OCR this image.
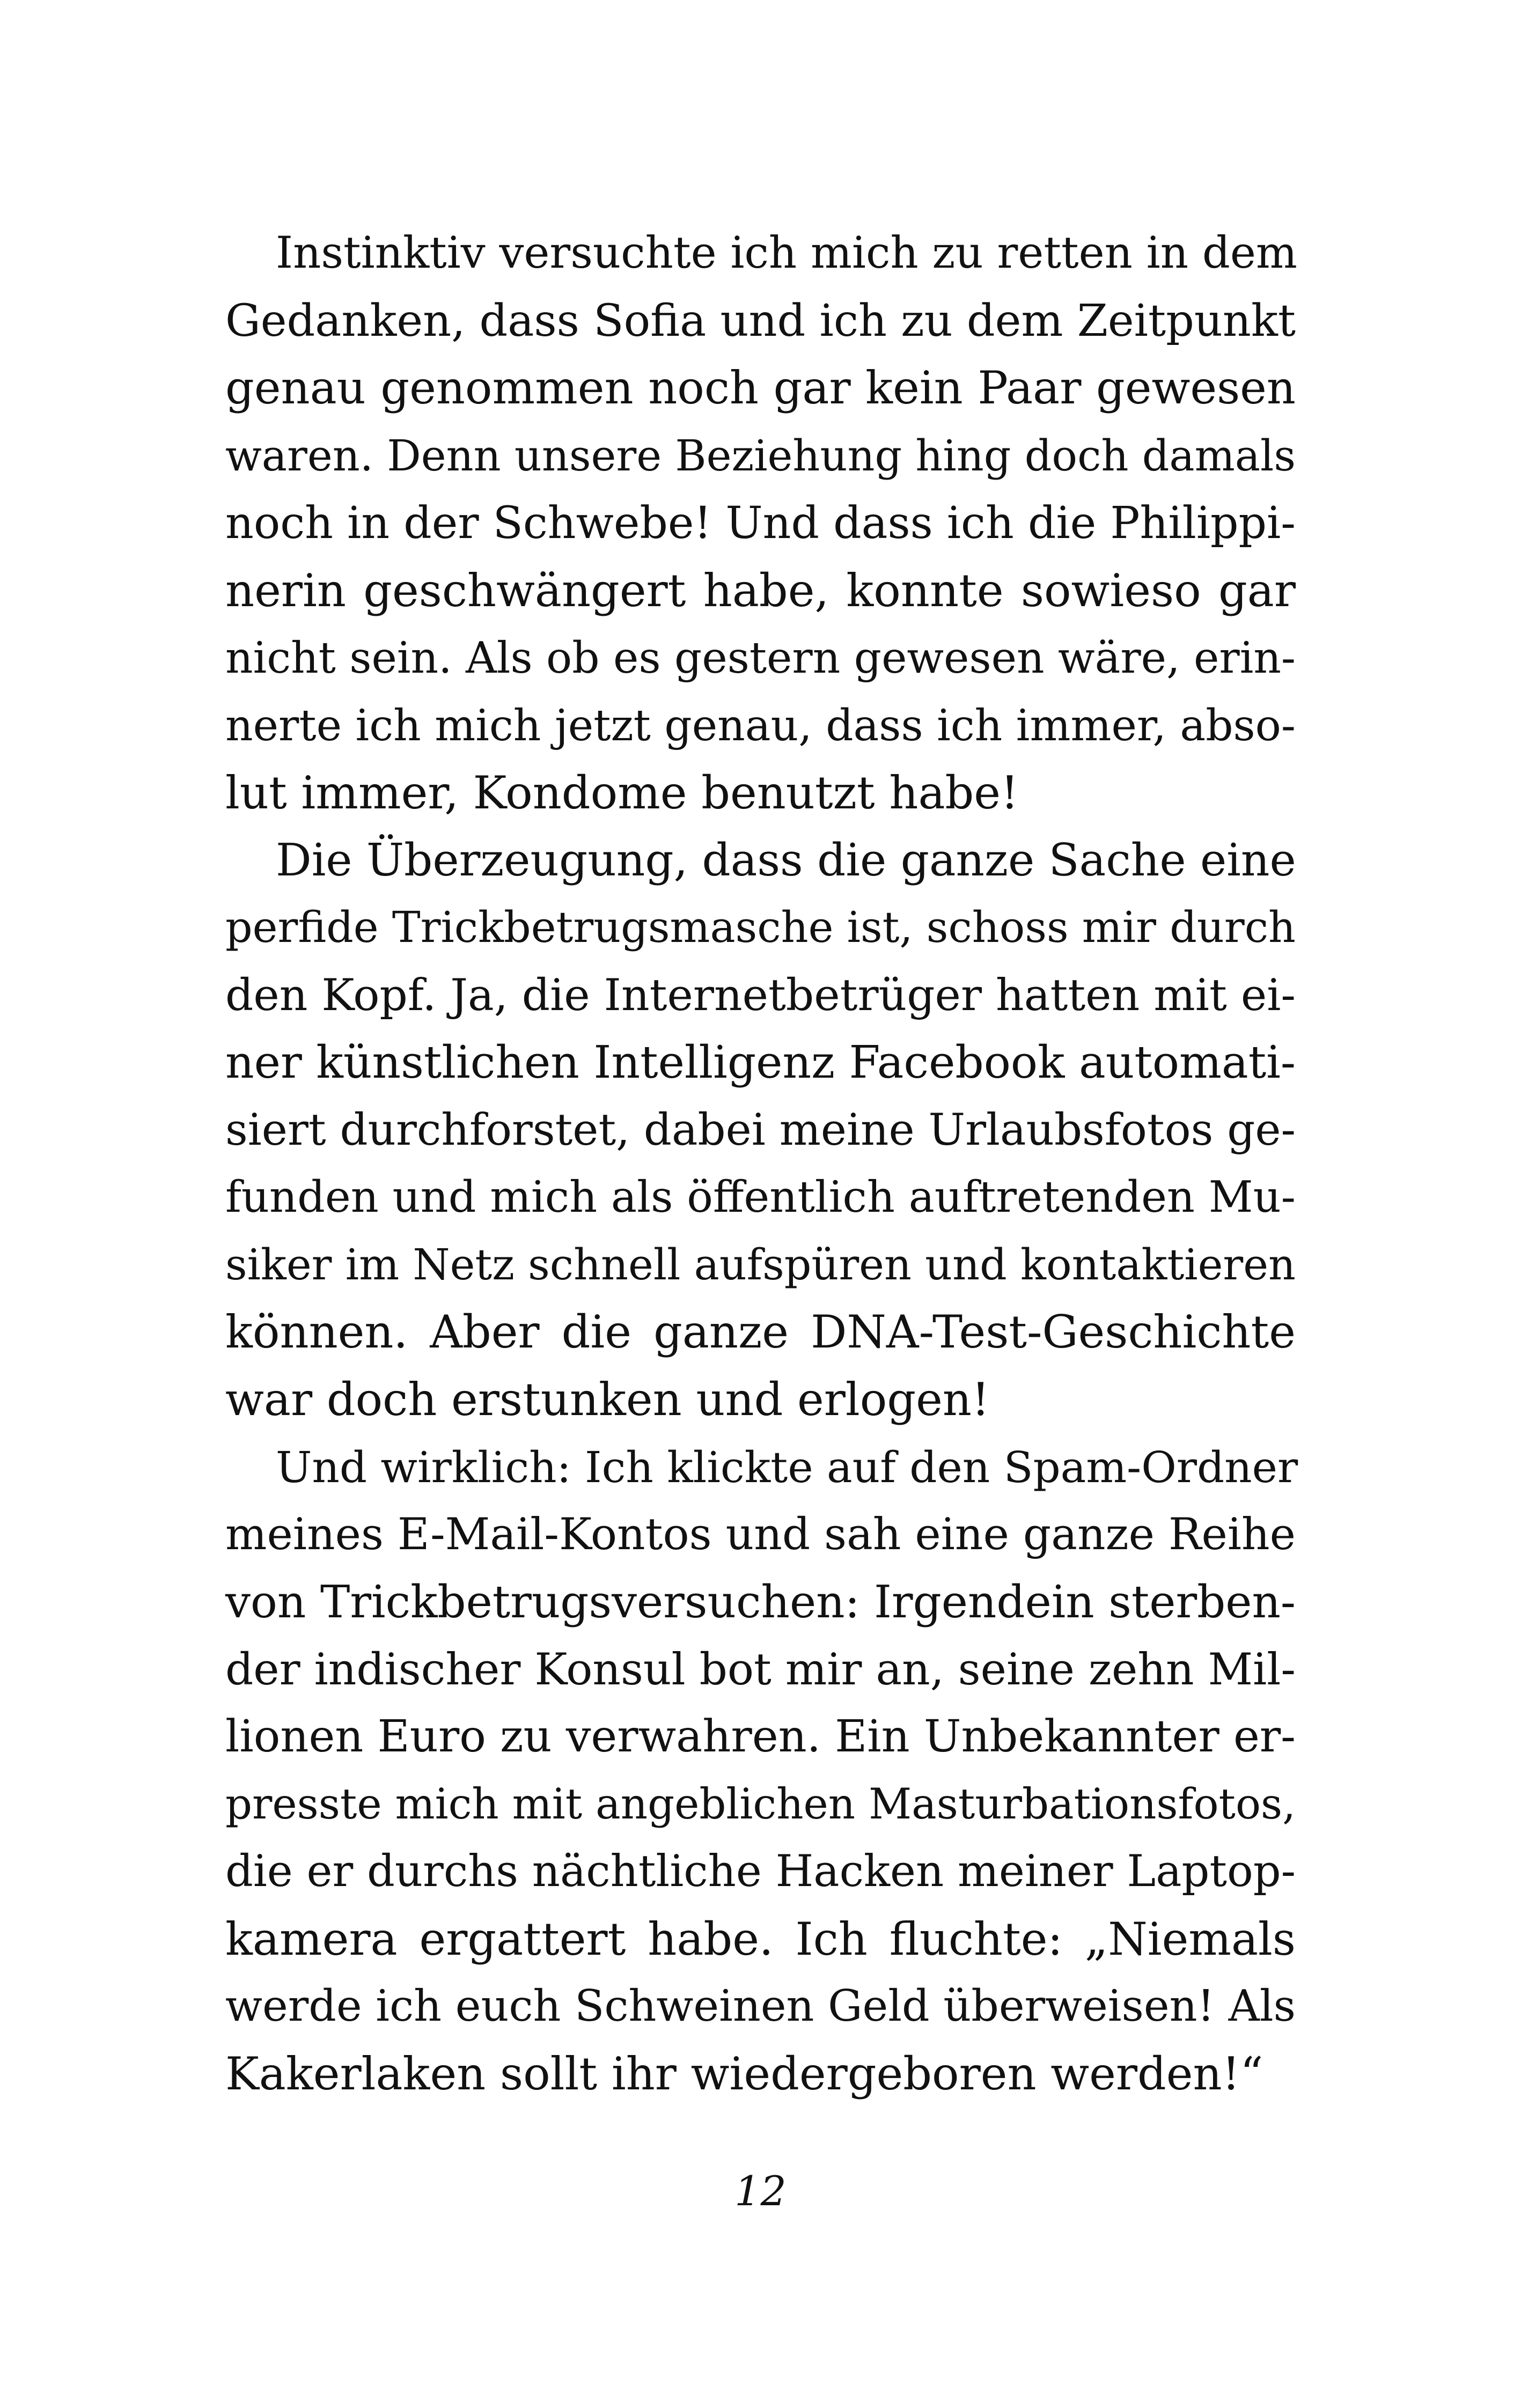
Instinktiv versuchte ich mich zu retten in dem
Gedanken, dass Sofia und ich zu dem Zeitpunkt
genau genommen noch gar kein Paar gewesen
waren. Denn unsere Beziehung hing doch damals
noch in der Schwebe! Und dass ich die Philippi-
nerin geschwängert habe, konnte sowieso gar
nicht sein. Als ob es gestern gewesen wäre, erin-
nerte ich mich jetzt genau, dass ich immer, abso-
lut immer, Kondome benutzt habe!
Die Überzeugung, dass die ganze Sache eine
perfide Trickbetrugsmasche ist, schoss mir durch
den Kopf. Ja, die Internetbetrüger hatten mit ei-
ner künstlichen Intelligenz Facebook automati-
siert durchforstet, dabei meine Urlaubsfotos ge-
funden und mich als öffentlich auftretenden Mu-
siker im Netz schnell aufspüren und kontaktieren
können. Aber die ganze DNA-Test-Geschichte
war doch erstunken und erlogen!
Und wirklich: Ich klickte auf den Spam-Ordner
meines E-Mail-Kontos und sah eine ganze Reihe
von Trickbetrugsversuchen: Irgendein sterben-
der indischer Konsul bot mir an, seine zehn Mil-
lionen Euro zu verwahren. Ein Unbekannter er-
presste mich mit angeblichen Masturbationsfotos,
die er durchs nächtliche Hacken meiner Laptop-
kamera ergattert habe. Ich fluchte: „Niemals
werde ich euch Schweinen Geld überweisen! Als
Kakerlaken sollt ihr wiedergeboren werden!“
12
